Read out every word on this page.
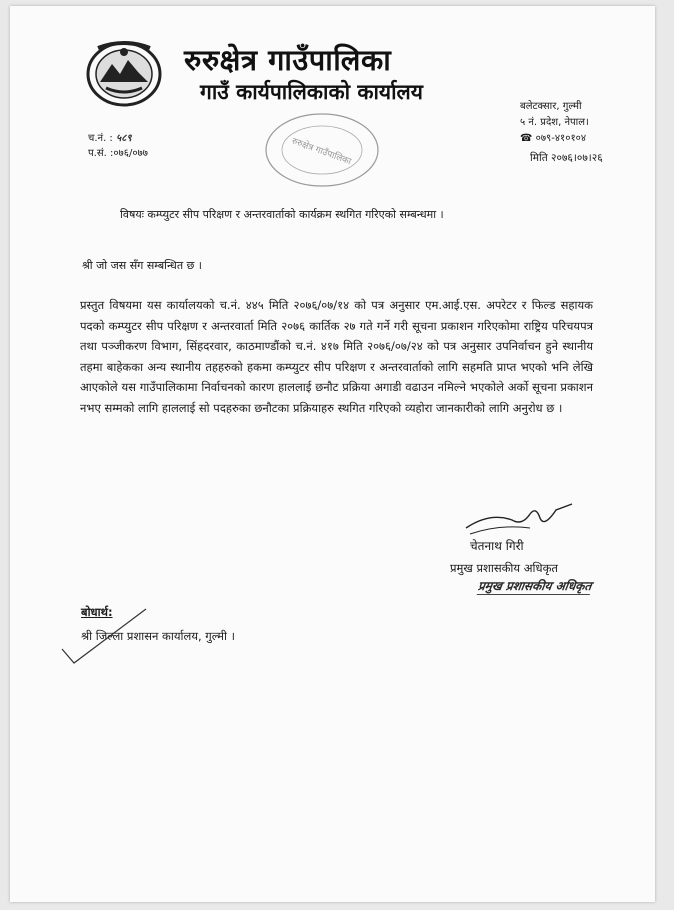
रुरुक्षेत्र गाउँपालिका
गाउँ कार्यपालिकाको कार्यालय
बलेटक्सार, गुल्मी
५ नं. प्रदेश, नेपाल।
☎ ०७९-४१०१०४
च.नं. : ५८९
प.सं. :०७६/०७७	रुरुक्षेत्र गाउँपालिका	मिति २०७६।०७।२६
विषयः कम्प्युटर सीप परिक्षण र अन्तरवार्ताको कार्यक्रम स्थगित गरिएको सम्बन्धमा ।
श्री जो जस सँग सम्बन्धित छ ।
प्रस्तुत विषयमा यस कार्यालयको च.नं. ४४५ मिति २०७६/०७/१४ को पत्र अनुसार एम.आई.एस. अपरेटर र फिल्ड सहायक पदको कम्प्युटर सीप परिक्षण र अन्तरवार्ता मिति २०७६ कार्तिक २७ गते गर्ने गरी सूचना प्रकाशन गरिएकोमा राष्ट्रिय परिचयपत्र तथा पञ्जीकरण विभाग, सिंहदरवार, काठमाण्डौंको च.नं. ४१७ मिति २०७६/०७/२४ को पत्र अनुसार उपनिर्वाचन हुने स्थानीय तहमा बाहेकका अन्य स्थानीय तहहरुको हकमा कम्प्युटर सीप परिक्षण र अन्तरवार्ताको लागि सहमति प्राप्त भएको भनि लेखि आएकोले यस गाउँपालिकामा निर्वाचनको कारण हाललाई छनौट प्रक्रिया अगाडी वढाउन नमिल्ने भएकोले अर्को सूचना प्रकाशन नभए सम्मको लागि हाललाई सो पदहरुका छनौटका प्रक्रियाहरु स्थगित गरिएको व्यहोरा जानकारीको लागि अनुरोध छ ।
चेतनाथ गिरी
प्रमुख प्रशासकीय अधिकृत
प्रमुख प्रशासकीय अधिकृत
बोधार्थ:
श्री जिल्ला प्रशासन कार्यालय, गुल्मी ।
